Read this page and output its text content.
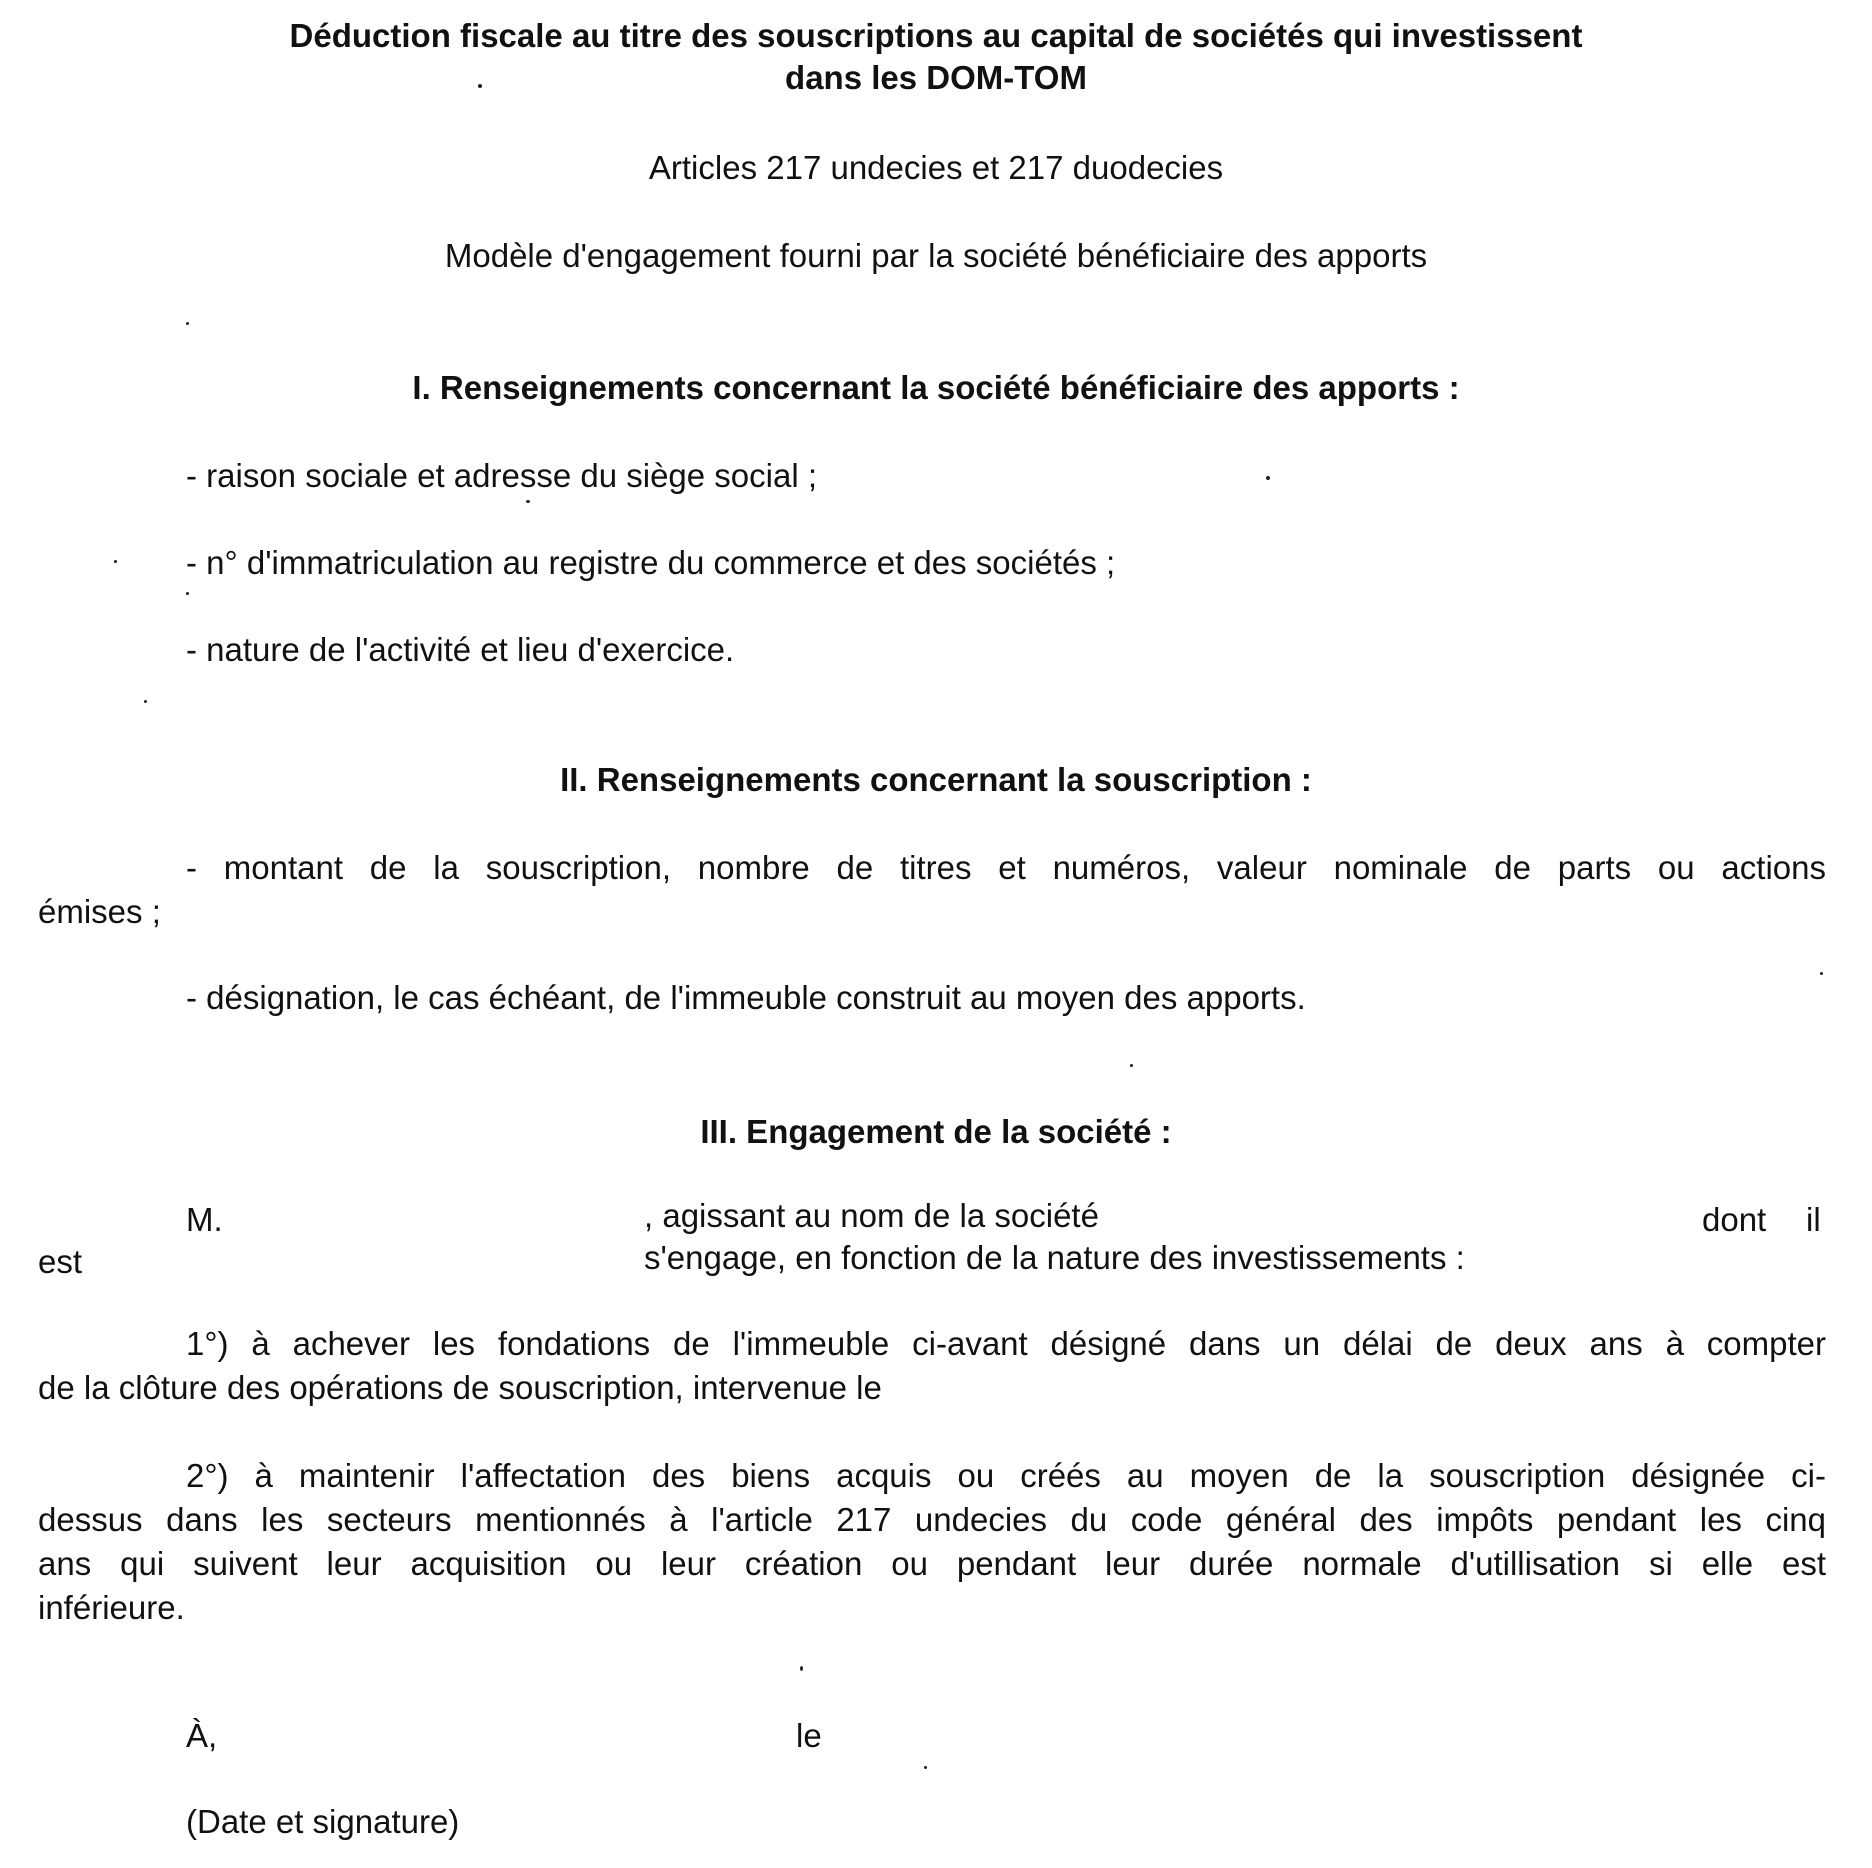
Déduction fiscale au titre des souscriptions au capital de sociétés qui investissent
dans les DOM-TOM
Articles 217 undecies et 217 duodecies
Modèle d'engagement fourni par la société bénéficiaire des apports
I. Renseignements concernant la société bénéficiaire des apports :
- raison sociale et adresse du siège social ;
- n° d'immatriculation au registre du commerce et des sociétés ;
- nature de l'activité et lieu d'exercice.
II. Renseignements concernant la souscription :
- montant de la souscription, nombre de titres et numéros, valeur nominale de parts ou actions
émises ;
- désignation, le cas échéant, de l'immeuble construit au moyen des apports.
III. Engagement de la société :
M.	, agissant au nom de la société	dont il
est	s'engage, en fonction de la nature des investissements :
1°) à achever les fondations de l'immeuble ci-avant désigné dans un délai de deux ans à compter
de la clôture des opérations de souscription, intervenue le
2°) à maintenir l'affectation des biens acquis ou créés au moyen de la souscription désignée ci-
dessus dans les secteurs mentionnés à l'article 217 undecies du code général des impôts pendant les cinq
ans qui suivent leur acquisition ou leur création ou pendant leur durée normale d'utillisation si elle est
inférieure.
À,	le
(Date et signature)
